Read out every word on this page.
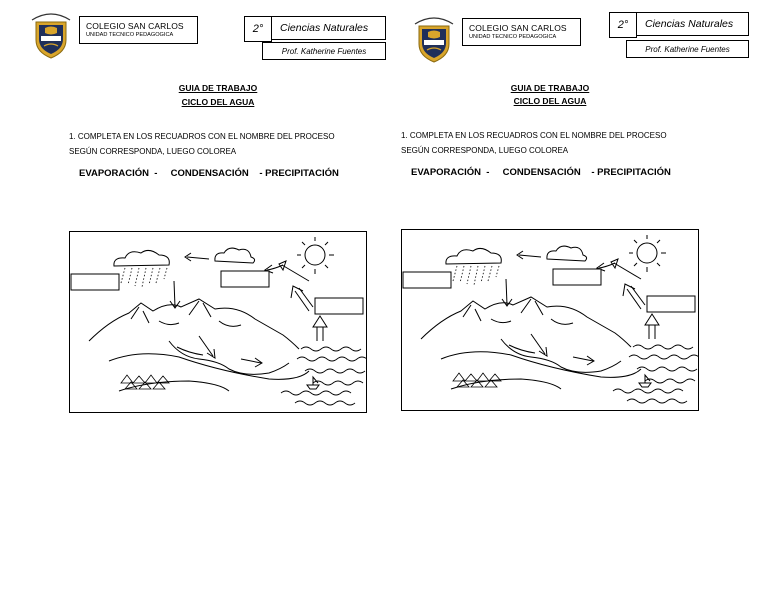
COLEGIO SAN CARLOS
UNIDAD TECNICO PEDAGOGICA	2°	Ciencias Naturales
Prof. Katherine Fuentes
GUIA DE TRABAJO
CICLO DEL AGUA
1. COMPLETA EN LOS RECUADROS CON EL NOMBRE DEL PROCESO
SEGÚN CORRESPONDA, LUEGO COLOREA
EVAPORACIÓN  -     CONDENSACIÓN    - PRECIPITACIÓN
COLEGIO SAN CARLOS
UNIDAD TECNICO PEDAGOGICA
2°	Ciencias Naturales
Prof. Katherine Fuentes
GUIA DE TRABAJO
CICLO DEL AGUA
1. COMPLETA EN LOS RECUADROS CON EL NOMBRE DEL PROCESO
SEGÚN CORRESPONDA, LUEGO COLOREA
EVAPORACIÓN  -     CONDENSACIÓN    - PRECIPITACIÓN
